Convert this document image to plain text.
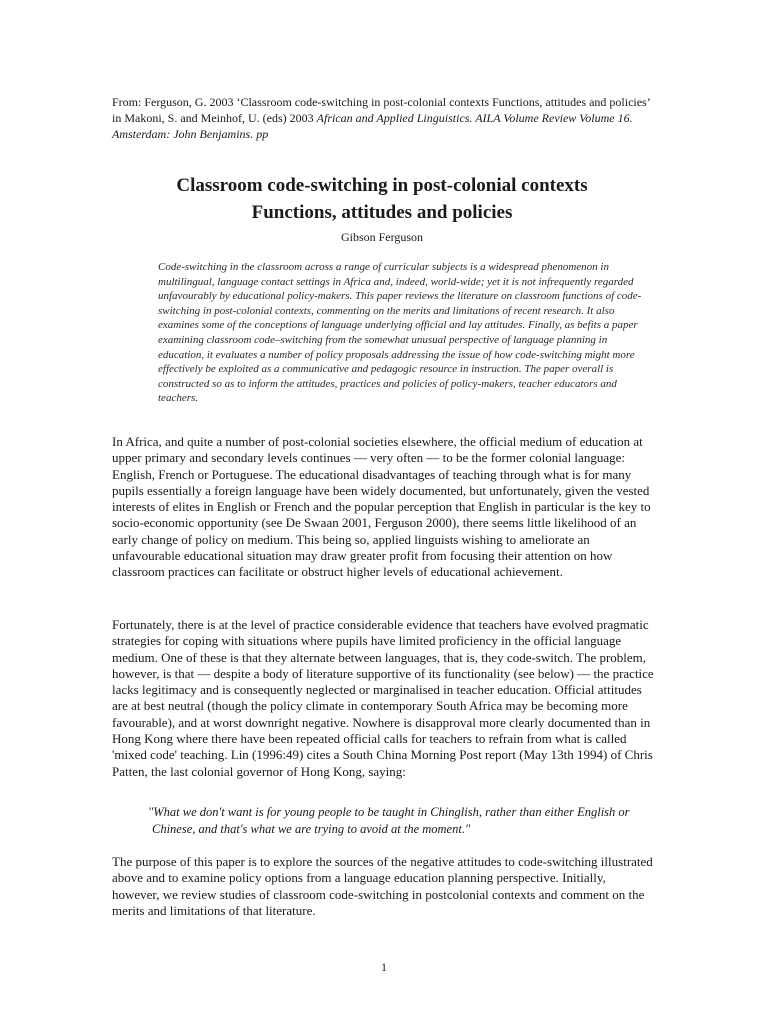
From: Ferguson, G. 2003 ‘Classroom code-switching in post-colonial contexts Functions, attitudes and policies’ in Makoni, S. and Meinhof, U. (eds) 2003 African and Applied Linguistics. AILA Volume Review Volume 16. Amsterdam: John Benjamins. pp
Classroom code-switching in post-colonial contexts
Functions, attitudes and policies
Gibson Ferguson
Code-switching in the classroom across a range of curricular subjects is a widespread phenomenon in multilingual, language contact settings in Africa and, indeed, world-wide; yet it is not infrequently regarded unfavourably by educational policy-makers. This paper reviews the literature on classroom functions of code-switching in post-colonial contexts, commenting on the merits and limitations of recent research. It also examines some of the conceptions of language underlying official and lay attitudes. Finally, as befits a paper examining classroom code–switching from the somewhat unusual perspective of language planning in education, it evaluates a number of policy proposals addressing the issue of how code-switching might more effectively be exploited as a communicative and pedagogic resource in instruction. The paper overall is constructed so as to inform the attitudes, practices and policies of policy-makers, teacher educators and teachers.

In Africa, and quite a number of post-colonial societies elsewhere, the official medium of education at upper primary and secondary levels continues — very often — to be the former colonial language: English, French or Portuguese. The educational disadvantages of teaching through what is for many pupils essentially a foreign language have been widely documented, but unfortunately, given the vested interests of elites in English or French and the popular perception that English in particular is the key to socio-economic opportunity (see De Swaan 2001, Ferguson 2000), there seems little likelihood of an early change of policy on medium. This being so, applied linguists wishing to ameliorate an unfavourable educational situation may draw greater profit from focusing their attention on how classroom practices can facilitate or obstruct higher levels of educational achievement.

Fortunately, there is at the level of practice considerable evidence that teachers have evolved pragmatic strategies for coping with situations where pupils have limited proficiency in the official language medium. One of these is that they alternate between languages, that is, they code-switch. The problem, however, is that — despite a body of literature supportive of its functionality (see below) — the practice lacks legitimacy and is consequently neglected or marginalised in teacher education. Official attitudes are at best neutral (though the policy climate in contemporary South Africa may be becoming more favourable), and at worst downright negative. Nowhere is disapproval more clearly documented than in Hong Kong where there have been repeated official calls for teachers to refrain from what is called 'mixed code' teaching. Lin (1996:49) cites a South China Morning Post report (May 13th 1994) of Chris Patten, the last colonial governor of Hong Kong, saying:

"What we don't want is for young people to be taught in Chinglish, rather than either English or Chinese, and that's what we are trying to avoid at the moment."

The purpose of this paper is to explore the sources of the negative attitudes to code-switching illustrated above and to examine policy options from a language education planning perspective. Initially, however, we review studies of classroom code-switching in postcolonial contexts and comment on the merits and limitations of that literature.

1
